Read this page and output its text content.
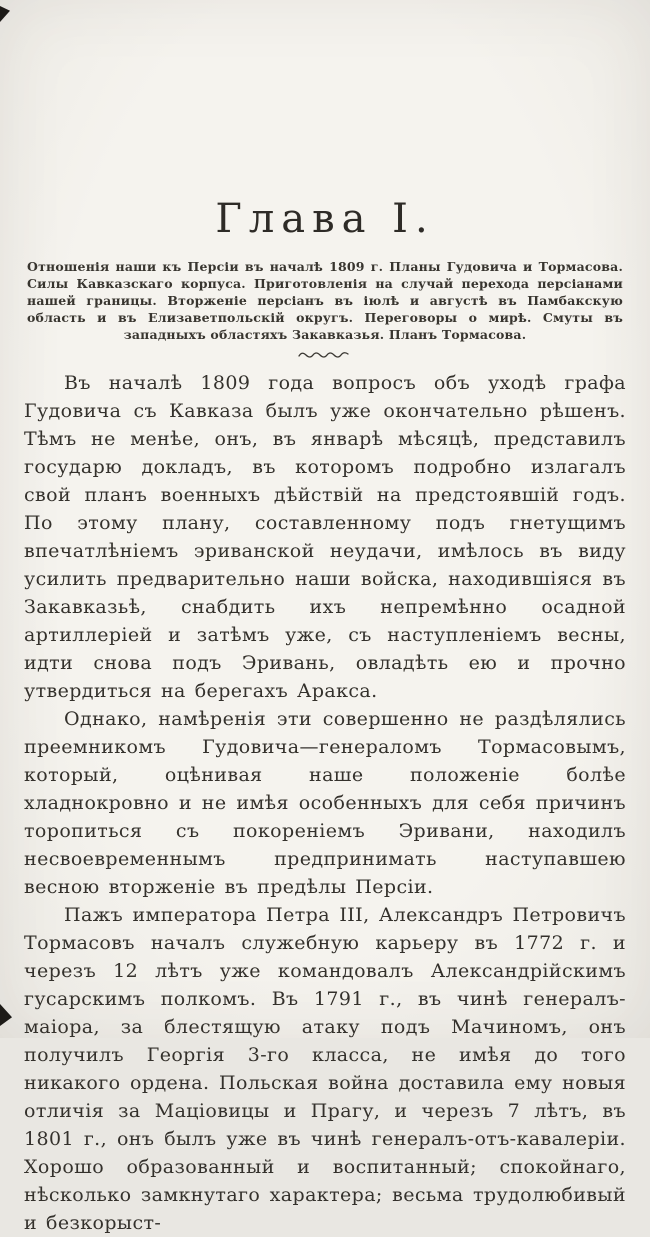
Глава I.

Отношенія наши къ Персіи въ началѣ 1809 г. Планы Гудовича и Тормасова. Силы Кавказскаго корпуса. Приготовленія на случай перехода персіанами нашей границы. Вторженіе персіанъ въ іюлѣ и августѣ въ Памбакскую область и въ Елизаветпольскій округъ. Переговоры о мирѣ. Смуты въ западныхъ областяхъ Закавказья. Планъ Тормасова.

Въ началѣ 1809 года вопросъ объ уходѣ графа Гудовича съ Кавказа былъ уже окончательно рѣшенъ. Тѣмъ не менѣе, онъ, въ январѣ мѣсяцѣ, представилъ государю докладъ, въ которомъ подробно излагалъ свой планъ военныхъ дѣйствій на предстоявшій годъ. По этому плану, составленному подъ гнетущимъ впечатлѣніемъ эриванской неудачи, имѣлось въ виду усилить предварительно наши войска, находившіяся въ Закавказьѣ, снабдить ихъ непремѣнно осадной артиллеріей и затѣмъ уже, съ наступленіемъ весны, идти снова подъ Эривань, овладѣть ею и прочно утвердиться на берегахъ Аракса.

Однако, намѣренія эти совершенно не раздѣлялись преемникомъ Гудовича—генераломъ Тормасовымъ, который, оцѣнивая наше положеніе болѣе хладнокровно и не имѣя особенныхъ для себя причинъ торопиться съ покореніемъ Эривани, находилъ несвоевременнымъ предпринимать наступавшею весною вторженіе въ предѣлы Персіи.

Пажъ императора Петра III, Александръ Петровичъ Тормасовъ началъ служебную карьеру въ 1772 г. и черезъ 12 лѣтъ уже командовалъ Александрійскимъ гусарскимъ полкомъ. Въ 1791 г., въ чинѣ генералъ-маіора, за блестящую атаку подъ Мачиномъ, онъ получилъ Георгія 3-го класса, не имѣя до того никакого ордена. Польская война доставила ему новыя отличія за Маціовицы и Прагу, и черезъ 7 лѣтъ, въ 1801 г., онъ былъ уже въ чинѣ генералъ-отъ-кавалеріи. Хорошо образованный и воспитанный; спокойнаго, нѣсколько замкнутаго характера; весьма трудолюбивый и безкорыст-
